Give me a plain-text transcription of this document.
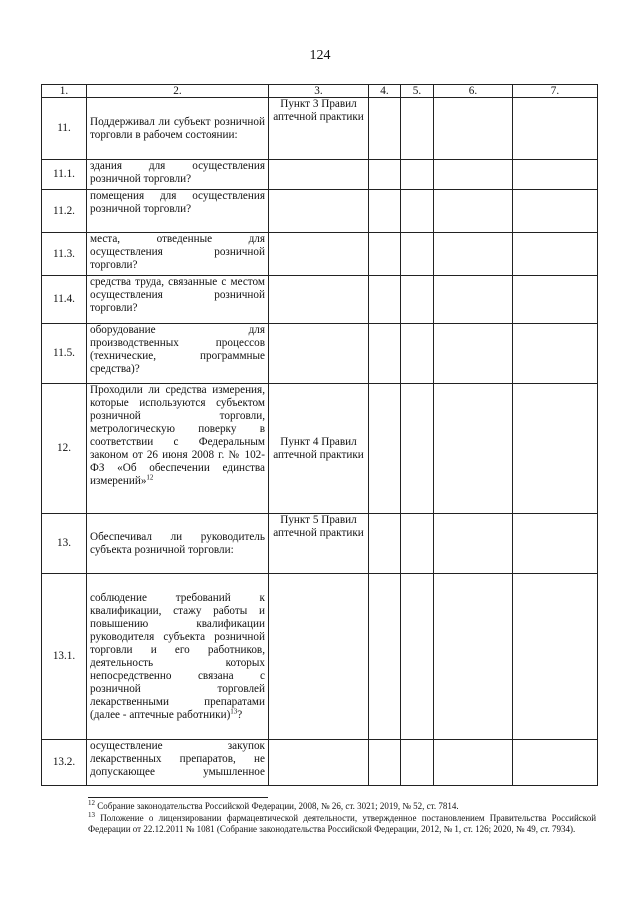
124
1.	2.	3.	4.	5.	6.	7.
11.	Поддерживал ли субъект розничной торговли в рабочем состоянии:	Пункт 3 Правил аптечной практики				
11.1.	здания для осуществления розничной торговли?					
11.2.	помещения для осуществления розничной торговли?					
11.3.	места, отведенные для осуществления розничной торговли?					
11.4.	средства труда, связанные с местом осуществления розничной торговли?					
11.5.	оборудование для производственных процессов (технические, программные средства)?					
12.	Проходили ли средства измерения, которые используются субъектом розничной торговли, метрологическую поверку в соответствии с Федеральным законом от 26 июня 2008 г. № 102-ФЗ «Об обеспечении единства измерений»$^{12}$	Пункт 4 Правил аптечной практики				
13.	Обеспечивал ли руководитель субъекта розничной торговли:	Пункт 5 Правил аптечной практики				
13.1.	соблюдение требований к квалификации, стажу работы и повышению квалификации руководителя субъекта розничной торговли и его работников, деятельность которых непосредственно связана с розничной торговлей лекарственными препаратами (далее - аптечные работники)$^{13}$?					
13.2.	осуществление закупок лекарственных препаратов, не допускающее умышленное					

$^{12}$ Собрание законодательства Российской Федерации, 2008, № 26, ст. 3021; 2019, № 52, ст. 7814.

$^{13}$ Положение о лицензировании фармацевтической деятельности, утвержденное постановлением Правительства Российской Федерации от 22.12.2011 № 1081 (Собрание законодательства Российской Федерации, 2012, № 1, ст. 126; 2020, № 49, ст. 7934).
